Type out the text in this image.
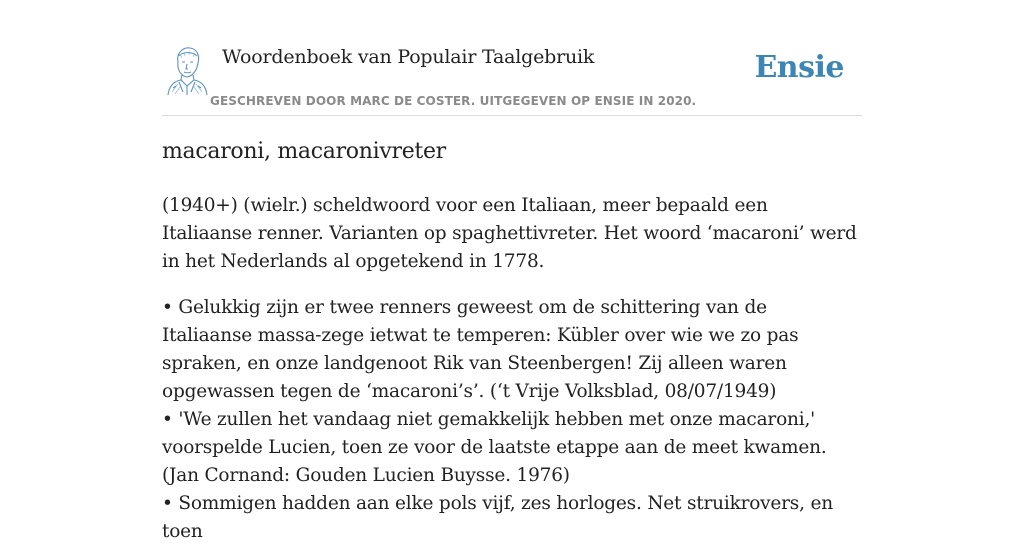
Woordenboek van Populair Taalgebruik
GESCHREVEN DOOR MARC DE COSTER. UITGEGEVEN OP ENSIE IN 2020.
Ensie
macaroni, macaronivreter

(1940+) (wielr.) scheldwoord voor een Italiaan, meer bepaald een Italiaanse renner. Varianten op spaghettivreter. Het woord ‘macaroni’ werd in het Nederlands al opgetekend in 1778.

• Gelukkig zijn er twee renners geweest om de schittering van de Italiaanse massa-zege ietwat te temperen: Kübler over wie we zo pas spraken, en onze landgenoot Rik van Steenbergen! Zij alleen waren opgewassen tegen de ‘macaroni’s’. (‘t Vrije Volksblad, 08/07/1949)

• 'We zullen het vandaag niet gemakkelijk hebben met onze macaroni,' voorspelde Lucien, toen ze voor de laatste etappe aan de meet kwamen. (Jan Cornand: Gouden Lucien Buysse. 1976)

• Sommigen hadden aan elke pols vijf, zes horloges. Net struikrovers, en toen
